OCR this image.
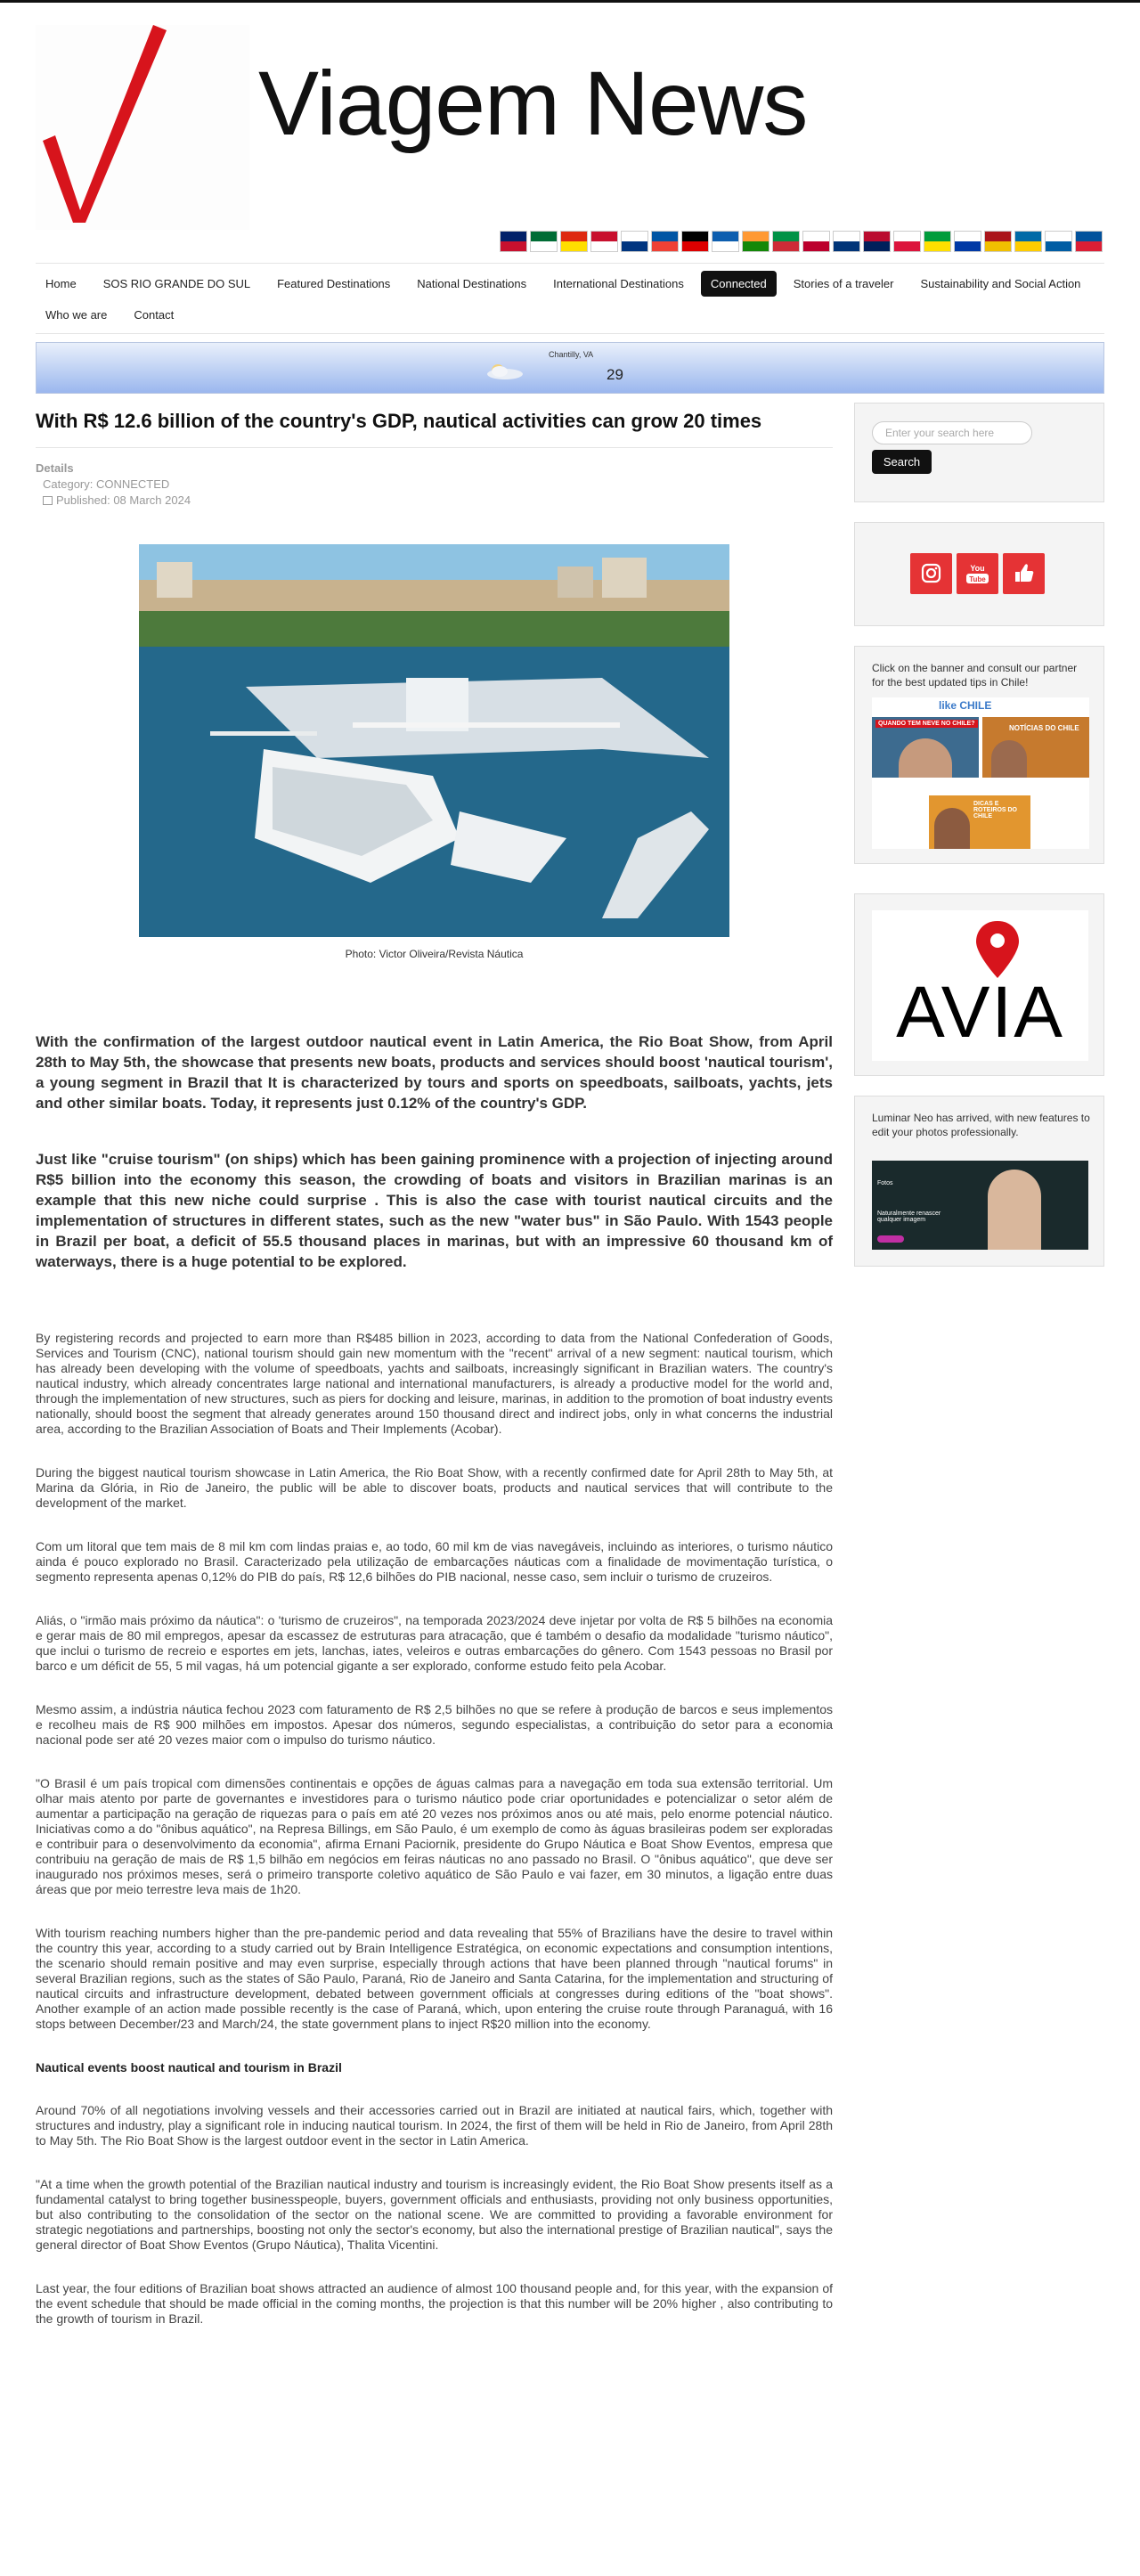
Viagem News
Home	SOS RIO GRANDE DO SUL	Featured Destinations	National Destinations	International Destinations	Connected	Stories of a traveler	Sustainability and Social Action
Who we are	Contact
Chantilly, VA
29
With R$ 12.6 billion of the country's GDP, nautical activities can grow 20 times
Details
Category: CONNECTED
Published: 08 March 2024
Photo: Victor Oliveira/Revista Náutica
With the confirmation of the largest outdoor nautical event in Latin America, the Rio Boat Show, from April 28th to May 5th, the showcase that presents new boats, products and services should boost 'nautical tourism', a young segment in Brazil that It is characterized by tours and sports on speedboats, sailboats, yachts, jets and other similar boats. Today, it represents just 0.12% of the country's GDP.
Just like "cruise tourism" (on ships) which has been gaining prominence with a projection of injecting around R$5 billion into the economy this season, the crowding of boats and visitors in Brazilian marinas is an example that this new niche could surprise . This is also the case with tourist nautical circuits and the implementation of structures in different states, such as the new "water bus" in São Paulo. With 1543 people in Brazil per boat, a deficit of 55.5 thousand places in marinas, but with an impressive 60 thousand km of waterways, there is a huge potential to be explored.
By registering records and projected to earn more than R$485 billion in 2023, according to data from the National Confederation of Goods, Services and Tourism (CNC), national tourism should gain new momentum with the "recent" arrival of a new segment: nautical tourism, which has already been developing with the volume of speedboats, yachts and sailboats, increasingly significant in Brazilian waters. The country's nautical industry, which already concentrates large national and international manufacturers, is already a productive model for the world and, through the implementation of new structures, such as piers for docking and leisure, marinas, in addition to the promotion of boat industry events nationally, should boost the segment that already generates around 150 thousand direct and indirect jobs, only in what concerns the industrial area, according to the Brazilian Association of Boats and Their Implements (Acobar).
During the biggest nautical tourism showcase in Latin America, the Rio Boat Show, with a recently confirmed date for April 28th to May 5th, at Marina da Glória, in Rio de Janeiro, the public will be able to discover boats, products and nautical services that will contribute to the development of the market.
Com um litoral que tem mais de 8 mil km com lindas praias e, ao todo, 60 mil km de vias navegáveis, incluindo as interiores, o turismo náutico ainda é pouco explorado no Brasil. Caracterizado pela utilização de embarcações náuticas com a finalidade de movimentação turística, o segmento representa apenas 0,12% do PIB do país, R$ 12,6 bilhões do PIB nacional, nesse caso, sem incluir o turismo de cruzeiros.
Aliás, o "irmão mais próximo da náutica": o 'turismo de cruzeiros", na temporada 2023/2024 deve injetar por volta de R$ 5 bilhões na economia e gerar mais de 80 mil empregos, apesar da escassez de estruturas para atracação, que é também o desafio da modalidade "turismo náutico", que inclui o turismo de recreio e esportes em jets, lanchas, iates, veleiros e outras embarcações do gênero. Com 1543 pessoas no Brasil por barco e um déficit de 55, 5 mil vagas, há um potencial gigante a ser explorado, conforme estudo feito pela Acobar.
Mesmo assim, a indústria náutica fechou 2023 com faturamento de R$ 2,5 bilhões no que se refere à produção de barcos e seus implementos e recolheu mais de R$ 900 milhões em impostos. Apesar dos números, segundo especialistas, a contribuição do setor para a economia nacional pode ser até 20 vezes maior com o impulso do turismo náutico.
"O Brasil é um país tropical com dimensões continentais e opções de águas calmas para a navegação em toda sua extensão territorial. Um olhar mais atento por parte de governantes e investidores para o turismo náutico pode criar oportunidades e potencializar o setor além de aumentar a participação na geração de riquezas para o país em até 20 vezes nos próximos anos ou até mais, pelo enorme potencial náutico. Iniciativas como a do "ônibus aquático", na Represa Billings, em São Paulo, é um exemplo de como às águas brasileiras podem ser exploradas e contribuir para o desenvolvimento da economia", afirma Ernani Paciornik, presidente do Grupo Náutica e Boat Show Eventos, empresa que contribuiu na geração de mais de R$ 1,5 bilhão em negócios em feiras náuticas no ano passado no Brasil. O "ônibus aquático", que deve ser inaugurado nos próximos meses, será o primeiro transporte coletivo aquático de São Paulo e vai fazer, em 30 minutos, a ligação entre duas áreas que por meio terrestre leva mais de 1h20.
With tourism reaching numbers higher than the pre-pandemic period and data revealing that 55% of Brazilians have the desire to travel within the country this year, according to a study carried out by Brain Intelligence Estratégica, on economic expectations and consumption intentions, the scenario should remain positive and may even surprise, especially through actions that have been planned through "nautical forums" in several Brazilian regions, such as the states of São Paulo, Paraná, Rio de Janeiro and Santa Catarina, for the implementation and structuring of nautical circuits and infrastructure development, debated between government officials at congresses during editions of the "boat shows". Another example of an action made possible recently is the case of Paraná, which, upon entering the cruise route through Paranaguá, with 16 stops between December/23 and March/24, the state government plans to inject R$20 million into the economy.
Nautical events boost nautical and tourism in Brazil
Around 70% of all negotiations involving vessels and their accessories carried out in Brazil are initiated at nautical fairs, which, together with structures and industry, play a significant role in inducing nautical tourism. In 2024, the first of them will be held in Rio de Janeiro, from April 28th to May 5th. The Rio Boat Show is the largest outdoor event in the sector in Latin America.
"At a time when the growth potential of the Brazilian nautical industry and tourism is increasingly evident, the Rio Boat Show presents itself as a fundamental catalyst to bring together businesspeople, buyers, government officials and enthusiasts, providing not only business opportunities, but also contributing to the consolidation of the sector on the national scene. We are committed to providing a favorable environment for strategic negotiations and partnerships, boosting not only the sector's economy, but also the international prestige of Brazilian nautical", says the general director of Boat Show Eventos (Grupo Náutica), Thalita Vicentini.
Last year, the four editions of Brazilian boat shows attracted an audience of almost 100 thousand people and, for this year, with the expansion of the event schedule that should be made official in the coming months, the projection is that this number will be 20% higher , also contributing to the growth of tourism in Brazil.
Enter your search here
Search
You
Tube
Click on the banner and consult our partner for the best updated tips in Chile!
like CHILE
QUANDO TEM NEVE NO CHILE?
NOTÍCIAS DO CHILE
DICAS E ROTEIROS DO CHILE
AVIA
Luminar Neo has arrived, with new features to edit your photos professionally.
Fotos
Naturalmente renascer qualquer imagem
